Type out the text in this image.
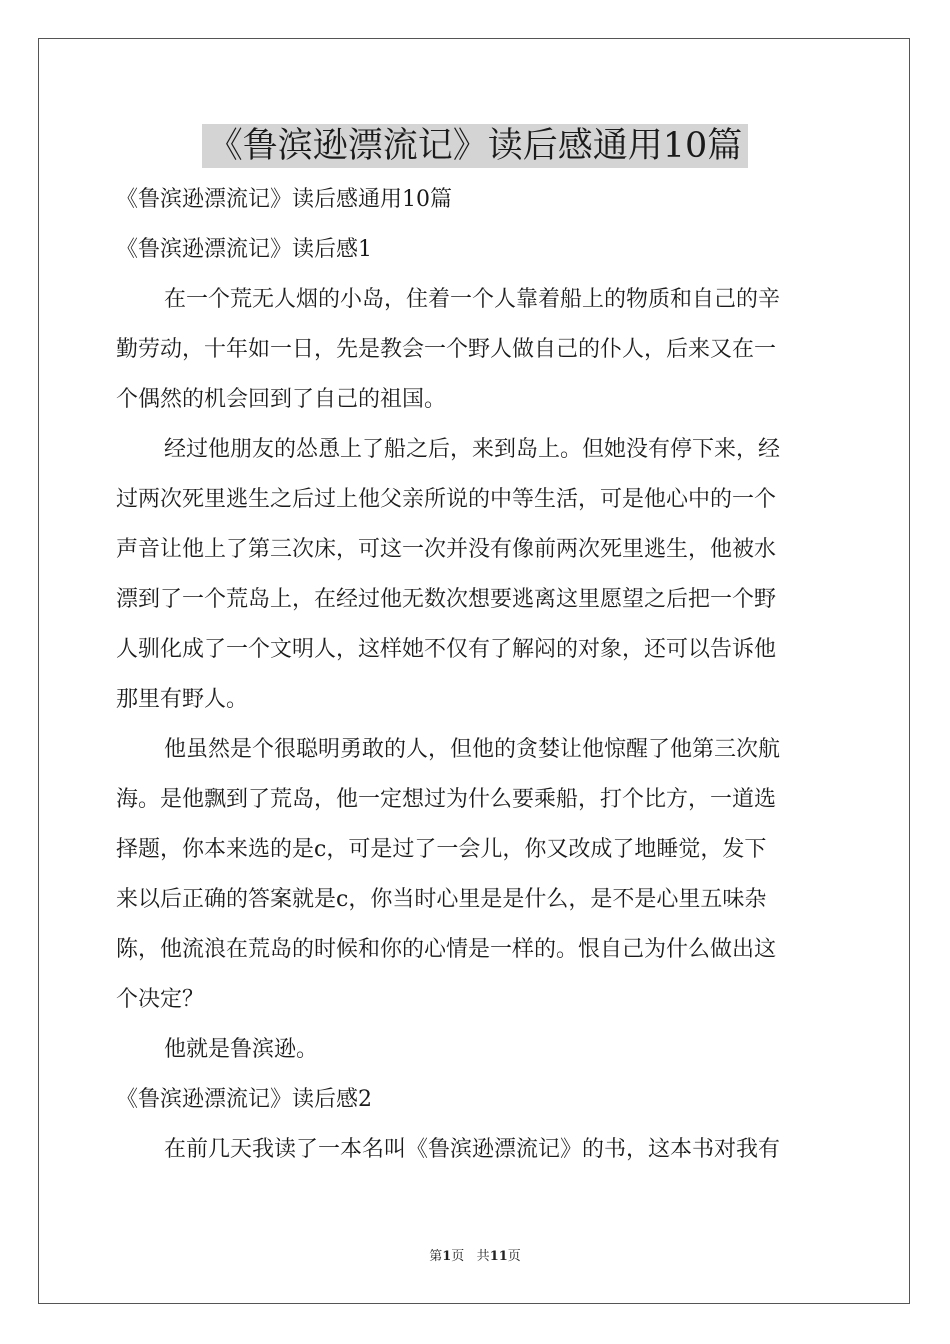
《鲁滨逊漂流记》读后感通用10篇

《鲁滨逊漂流记》读后感通用10篇

《鲁滨逊漂流记》读后感1

在一个荒无人烟的小岛，住着一个人靠着船上的物质和自己的辛

勤劳动，十年如一日，先是教会一个野人做自己的仆人，后来又在一

个偶然的机会回到了自己的祖国。

经过他朋友的怂恿上了船之后，来到岛上。但她没有停下来，经

过两次死里逃生之后过上他父亲所说的中等生活，可是他心中的一个

声音让他上了第三次床，可这一次并没有像前两次死里逃生，他被水

漂到了一个荒岛上，在经过他无数次想要逃离这里愿望之后把一个野

人驯化成了一个文明人，这样她不仅有了解闷的对象，还可以告诉他

那里有野人。

他虽然是个很聪明勇敢的人，但他的贪婪让他惊醒了他第三次航

海。是他飘到了荒岛，他一定想过为什么要乘船，打个比方，一道选

择题，你本来选的是c，可是过了一会儿，你又改成了地睡觉，发下

来以后正确的答案就是c，你当时心里是是什么，是不是心里五味杂

陈，他流浪在荒岛的时候和你的心情是一样的。恨自己为什么做出这

个决定？

他就是鲁滨逊。

《鲁滨逊漂流记》读后感2

在前几天我读了一本名叫《鲁滨逊漂流记》的书，这本书对我有

第1页 共11页
